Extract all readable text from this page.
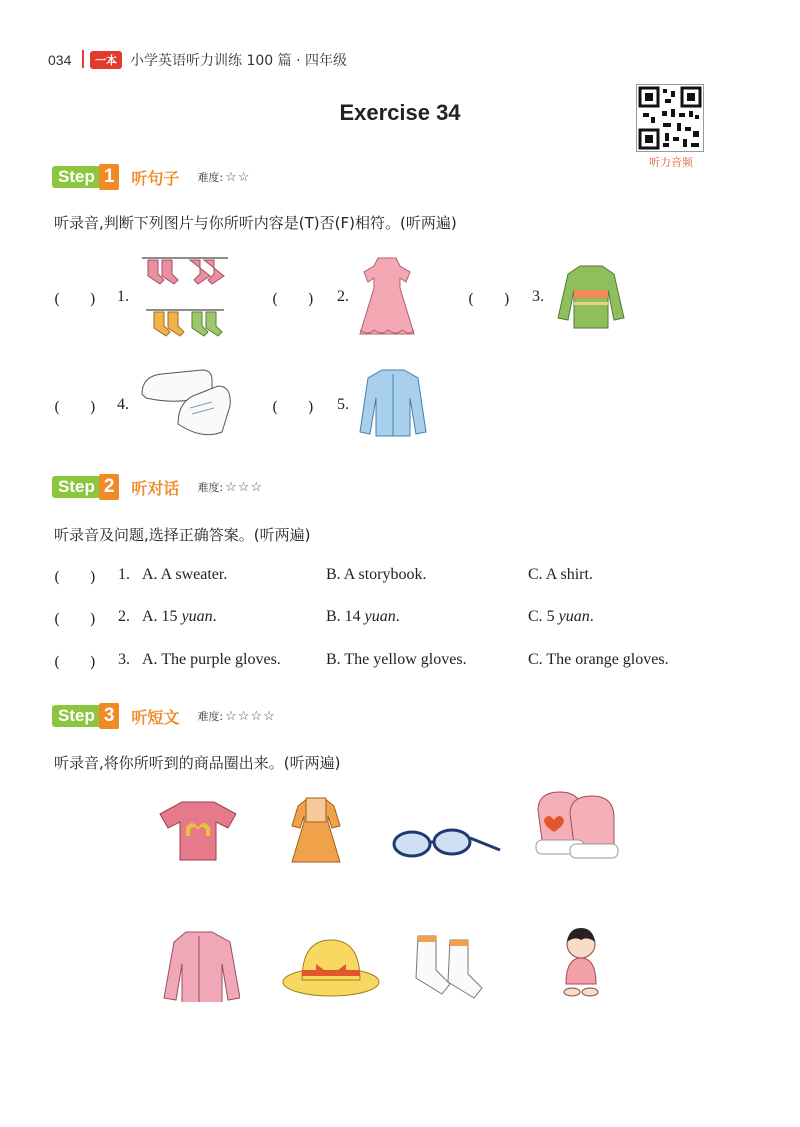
034	一本 小学英语听力训练 100 篇 · 四年级
Exercise 34
听力音频
Step 1	听句子 难度: ☆☆
听录音,判断下列图片与你所听内容是(T)否(F)相符。(听两遍)
(　　) 1.	(　　) 2.	(　　) 3.
(　　) 4.	(　　) 5.
Step 2	听对话 难度: ☆☆☆
听录音及问题,选择正确答案。(听两遍)
(　　) 1. A. A sweater.	B. A storybook.	C. A shirt.
(　　) 2. A. 15 yuan.	B. 14 yuan.	C. 5 yuan.
(　　) 3. A. The purple gloves.	B. The yellow gloves.	C. The orange gloves.
Step 3	听短文 难度: ☆☆☆☆
听录音,将你所听到的商品圈出来。(听两遍)
